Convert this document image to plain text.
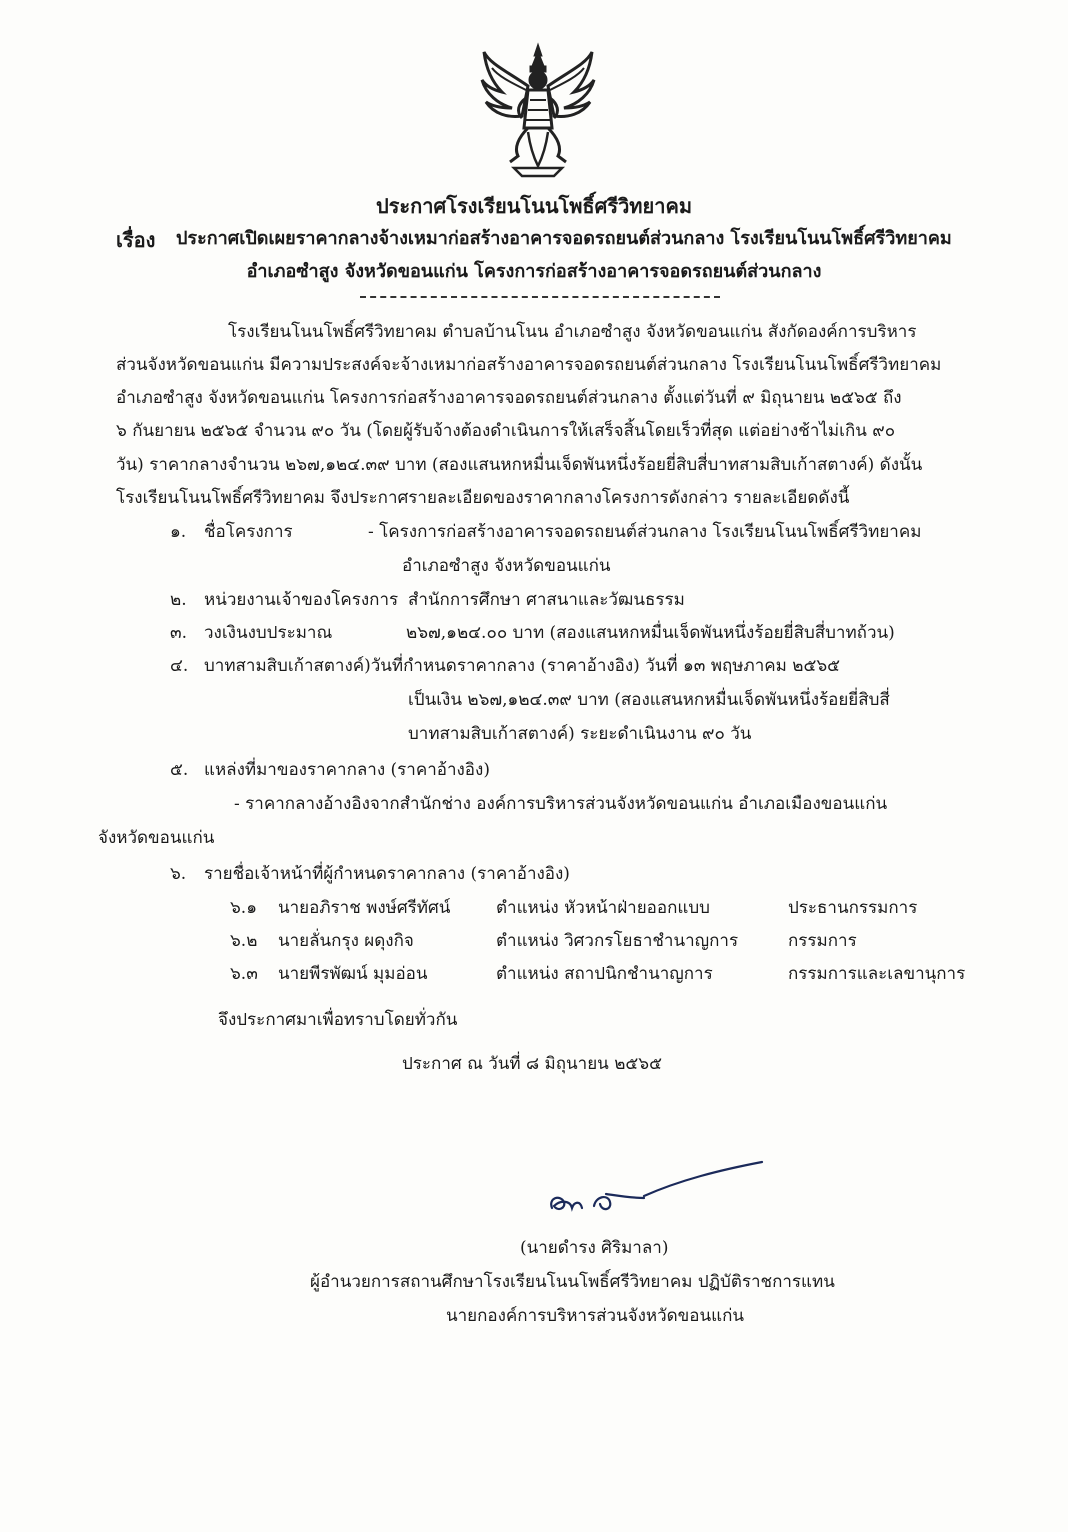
ประกาศโรงเรียนโนนโพธิ์ศรีวิทยาคม
เรื่อง ประกาศเปิดเผยราคากลางจ้างเหมาก่อสร้างอาคารจอดรถยนต์ส่วนกลาง โรงเรียนโนนโพธิ์ศรีวิทยาคม
อำเภอซำสูง จังหวัดขอนแก่น โครงการก่อสร้างอาคารจอดรถยนต์ส่วนกลาง
โรงเรียนโนนโพธิ์ศรีวิทยาคม ตำบลบ้านโนน อำเภอซำสูง จังหวัดขอนแก่น สังกัดองค์การบริหาร
ส่วนจังหวัดขอนแก่น มีความประสงค์จะจ้างเหมาก่อสร้างอาคารจอดรถยนต์ส่วนกลาง โรงเรียนโนนโพธิ์ศรีวิทยาคม
อำเภอซำสูง จังหวัดขอนแก่น โครงการก่อสร้างอาคารจอดรถยนต์ส่วนกลาง ตั้งแต่วันที่ ๙ มิถุนายน ๒๕๖๕ ถึง
๖ กันยายน ๒๕๖๕ จำนวน ๙๐ วัน (โดยผู้รับจ้างต้องดำเนินการให้เสร็จสิ้นโดยเร็วที่สุด แต่อย่างช้าไม่เกิน ๙๐
วัน) ราคากลางจำนวน ๒๖๗,๑๒๔.๓๙ บาท (สองแสนหกหมื่นเจ็ดพันหนึ่งร้อยยี่สิบสี่บาทสามสิบเก้าสตางค์) ดังนั้น
โรงเรียนโนนโพธิ์ศรีวิทยาคม จึงประกาศรายละเอียดของราคากลางโครงการดังกล่าว รายละเอียดดังนี้
๑. ชื่อโครงการ	- โครงการก่อสร้างอาคารจอดรถยนต์ส่วนกลาง โรงเรียนโนนโพธิ์ศรีวิทยาคม
อำเภอซำสูง จังหวัดขอนแก่น
๒. หน่วยงานเจ้าของโครงการ สำนักการศึกษา ศาสนาและวัฒนธรรม
๓. วงเงินงบประมาณ	๒๖๗,๑๒๔.๐๐ บาท (สองแสนหกหมื่นเจ็ดพันหนึ่งร้อยยี่สิบสี่บาทถ้วน)
๔. บาทสามสิบเก้าสตางค์)วันที่กำหนดราคากลาง (ราคาอ้างอิง) วันที่ ๑๓ พฤษภาคม ๒๕๖๕
เป็นเงิน ๒๖๗,๑๒๔.๓๙ บาท (สองแสนหกหมื่นเจ็ดพันหนึ่งร้อยยี่สิบสี่
บาทสามสิบเก้าสตางค์) ระยะดำเนินงาน ๙๐ วัน
๕. แหล่งที่มาของราคากลาง (ราคาอ้างอิง)
- ราคากลางอ้างอิงจากสำนักช่าง องค์การบริหารส่วนจังหวัดขอนแก่น อำเภอเมืองขอนแก่น
จังหวัดขอนแก่น
๖. รายชื่อเจ้าหน้าที่ผู้กำหนดราคากลาง (ราคาอ้างอิง)
๖.๑ นายอภิราช พงษ์ศรีทัศน์	ตำแหน่ง หัวหน้าฝ่ายออกแบบ	ประธานกรรมการ
๖.๒ นายลั่นกรุง ผดุงกิจ	ตำแหน่ง วิศวกรโยธาชำนาญการ	กรรมการ
๖.๓ นายพีรพัฒน์ มุมอ่อน	ตำแหน่ง สถาปนิกชำนาญการ	กรรมการและเลขานุการ
จึงประกาศมาเพื่อทราบโดยทั่วกัน
ประกาศ ณ วันที่ ๘ มิถุนายน ๒๕๖๕
(นายดำรง ศิริมาลา)
ผู้อำนวยการสถานศึกษาโรงเรียนโนนโพธิ์ศรีวิทยาคม ปฏิบัติราชการแทน
นายกองค์การบริหารส่วนจังหวัดขอนแก่น
